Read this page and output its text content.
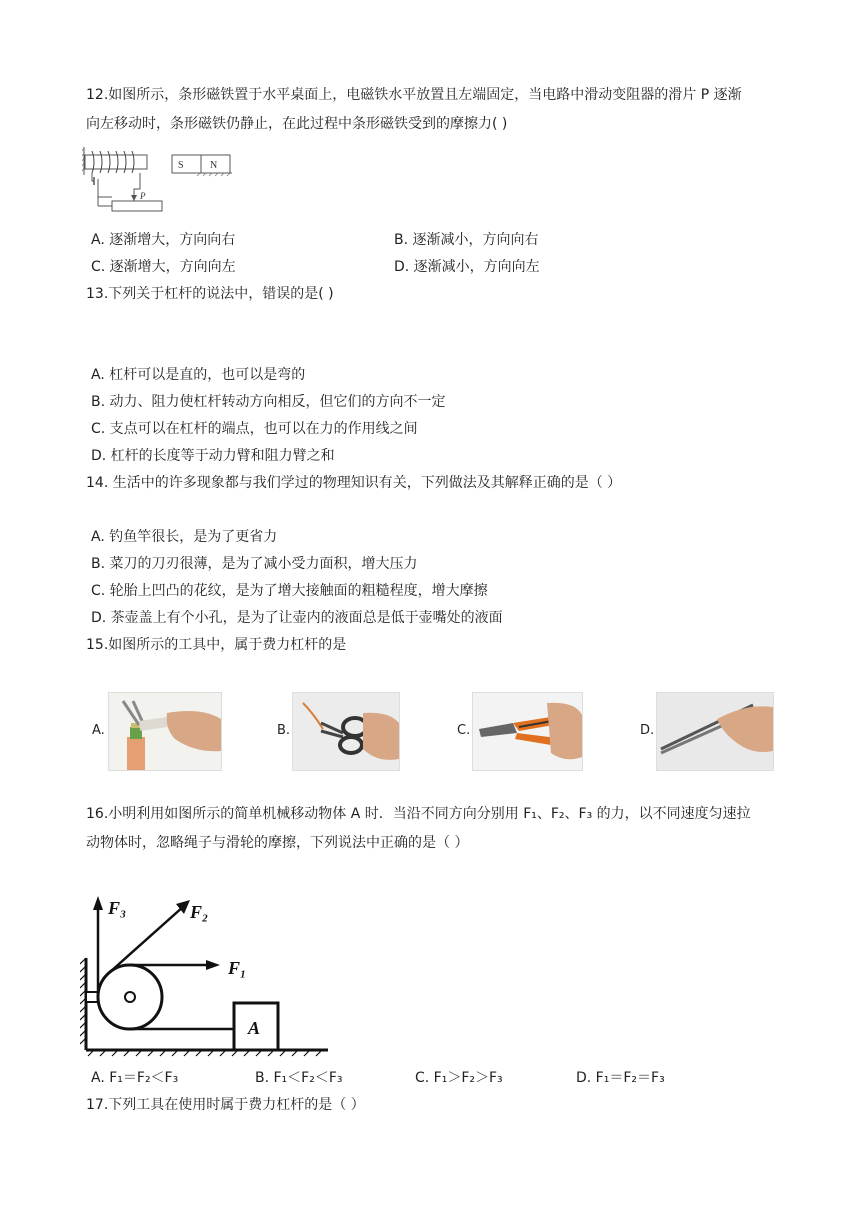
12.如图所示，条形磁铁置于水平桌面上，电磁铁水平放置且左端固定，当电路中滑动变阻器的滑片 P 逐渐
向左移动时，条形磁铁仍静止，在此过程中条形磁铁受到的摩擦力( )
P
S	N
A. 逐渐增大，方向向右	B. 逐渐减小，方向向右
C. 逐渐增大，方向向左	D. 逐渐减小，方向向左
13.下列关于杠杆的说法中，错误的是( )
A. 杠杆可以是直的，也可以是弯的
B. 动力、阻力使杠杆转动方向相反，但它们的方向不一定
C. 支点可以在杠杆的端点，也可以在力的作用线之间
D. 杠杆的长度等于动力臂和阻力臂之和
14. 生活中的许多现象都与我们学过的物理知识有关，下列做法及其解释正确的是（ ）
A. 钓鱼竿很长，是为了更省力
B. 菜刀的刀刃很薄，是为了减小受力面积，增大压力
C. 轮胎上凹凸的花纹，是为了增大接触面的粗糙程度，增大摩擦
D. 茶壶盖上有个小孔，是为了让壶内的液面总是低于壶嘴处的液面
15.如图所示的工具中，属于费力杠杆的是
A.	B.	C.	D.
16.小明利用如图所示的简单机械移动物体 A 时．当沿不同方向分别用 F₁、F₂、F₃ 的力，以不同速度匀速拉
动物体时，忽略绳子与滑轮的摩擦，下列说法中正确的是（ ）
A
F₃	F₂
F₁
A. F₁＝F₂＜F₃	B. F₁＜F₂＜F₃	C. F₁＞F₂＞F₃	D. F₁＝F₂＝F₃
17.下列工具在使用时属于费力杠杆的是（ ）
